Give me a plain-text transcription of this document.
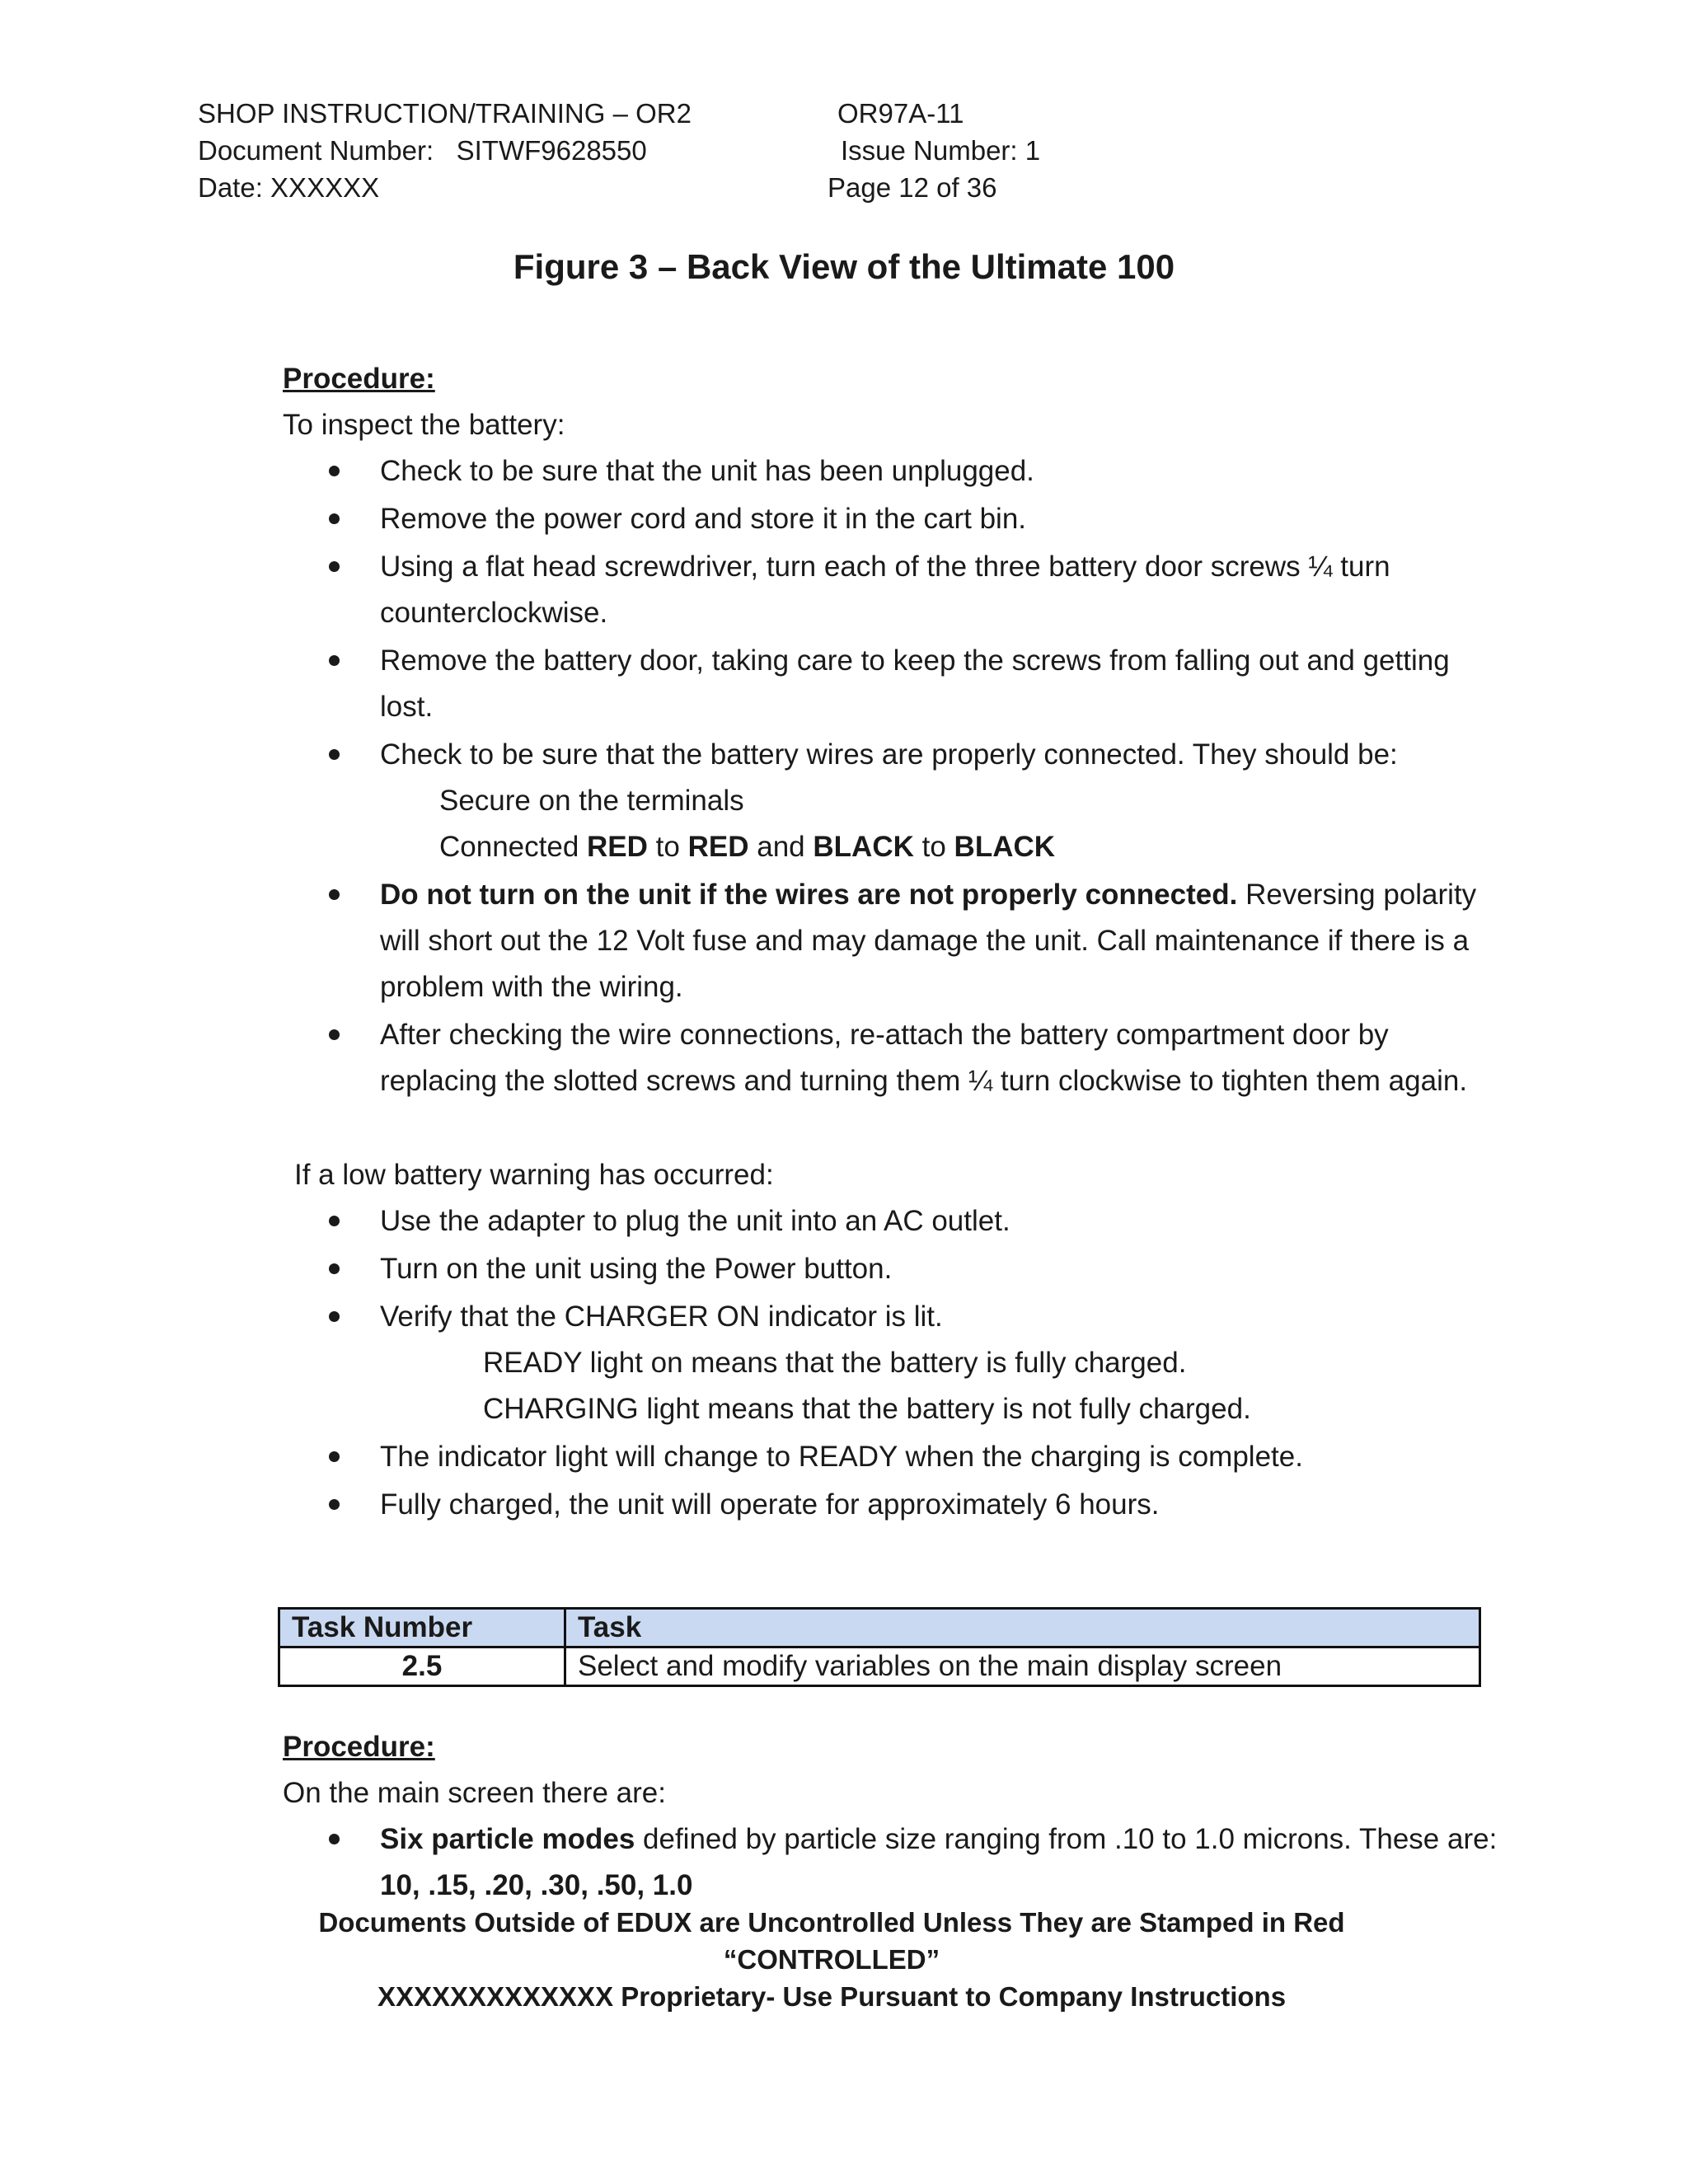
SHOP INSTRUCTION/TRAINING – OR2
Document Number: SITWF9628550
Date: XXXXXX
OR97A-11
Issue Number: 1
Page 12 of 36
Figure 3 – Back View of the Ultimate 100

Procedure:

To inspect the battery:

Check to be sure that the unit has been unplugged.
Remove the power cord and store it in the cart bin.
Using a flat head screwdriver, turn each of the three battery door screws ¼ turn counterclockwise.
Remove the battery door, taking care to keep the screws from falling out and getting lost.
Check to be sure that the battery wires are properly connected. They should be:

Secure on the terminals

Connected RED to RED and BLACK to BLACK

Do not turn on the unit if the wires are not properly connected. Reversing polarity will short out the 12 Volt fuse and may damage the unit. Call maintenance if there is a problem with the wiring.
After checking the wire connections, re-attach the battery compartment door by replacing the slotted screws and turning them ¼ turn clockwise to tighten them again.

If a low battery warning has occurred:

Use the adapter to plug the unit into an AC outlet.
Turn on the unit using the Power button.
Verify that the CHARGER ON indicator is lit.

READY light on means that the battery is fully charged.

CHARGING light means that the battery is not fully charged.

The indicator light will change to READY when the charging is complete.
Fully charged, the unit will operate for approximately 6 hours.
Task Number	Task
2.5	Select and modify variables on the main display screen

Procedure:

On the main screen there are:

Six particle modes defined by particle size ranging from .10 to 1.0 microns. These are: 10, .15, .20, .30, .50, 1.0
Documents Outside of EDUX are Uncontrolled Unless They are Stamped in Red
“CONTROLLED”
XXXXXXXXXXXXX Proprietary- Use Pursuant to Company Instructions
